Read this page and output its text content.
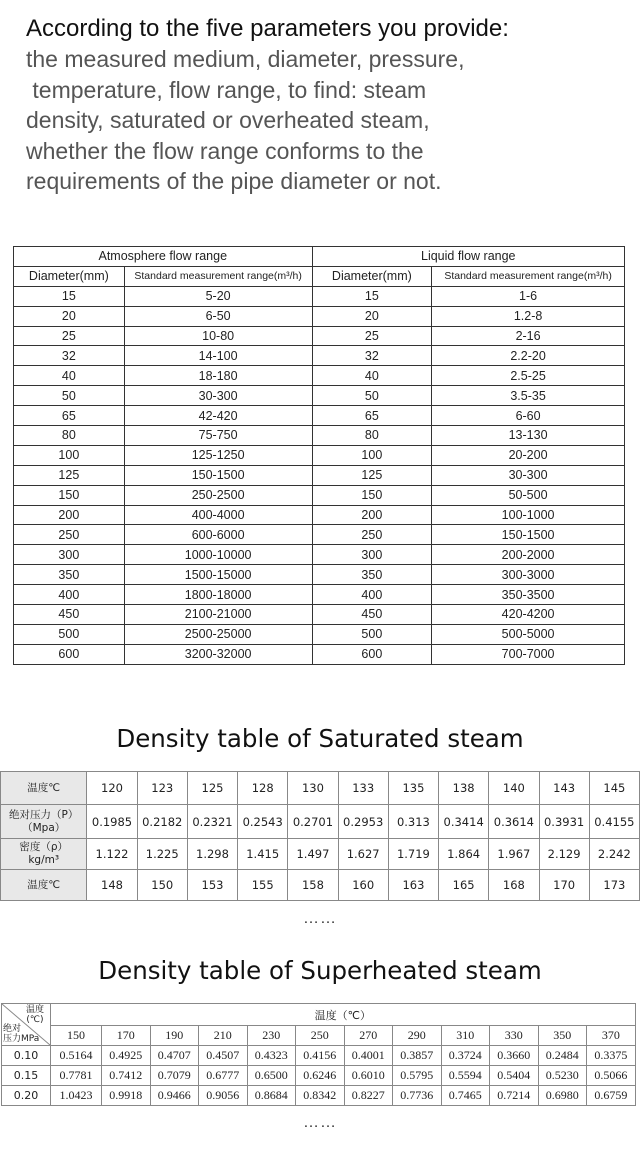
According to the five parameters you provide:
the measured medium, diameter, pressure,
temperature, flow range, to find: steam
density, saturated or overheated steam,
whether the flow range conforms to the
requirements of the pipe diameter or not.
Atmosphere flow range		Liquid flow range	
Diameter(mm)	Standard measurement range(m³/h)	Diameter(mm)	Standard measurement range(m³/h)
15	5-20	15	1-6
20	6-50	20	1.2-8
25	10-80	25	2-16
32	14-100	32	2.2-20
40	18-180	40	2.5-25
50	30-300	50	3.5-35
65	42-420	65	6-60
80	75-750	80	13-130
100	125-1250	100	20-200
125	150-1500	125	30-300
150	250-2500	150	50-500
200	400-4000	200	100-1000
250	600-6000	250	150-1500
300	1000-10000	300	200-2000
350	1500-15000	350	300-3000
400	1800-18000	400	350-3500
450	2100-21000	450	420-4200
500	2500-25000	500	500-5000
600	3200-32000	600	700-7000
Density table of Saturated steam
温度℃	120	123	125	128	130	133	135	138	140	143	145
绝对压力（P）
（Mpa）	0.1985	0.2182	0.2321	0.2543	0.2701	0.2953	0.313	0.3414	0.3614	0.3931	0.4155
密度（ρ）
kg/m³	1.122	1.225	1.298	1.415	1.497	1.627	1.719	1.864	1.967	2.129	2.242
温度℃	148	150	153	155	158	160	163	165	168	170	173
……
Density table of Superheated steam
温度
(℃)
绝对
压力MPa	温度（℃）											
	150	170	190	210	230	250	270	290	310	330	350	370
0.10	0.5164	0.4925	0.4707	0.4507	0.4323	0.4156	0.4001	0.3857	0.3724	0.3660	0.2484	0.3375
0.15	0.7781	0.7412	0.7079	0.6777	0.6500	0.6246	0.6010	0.5795	0.5594	0.5404	0.5230	0.5066
0.20	1.0423	0.9918	0.9466	0.9056	0.8684	0.8342	0.8227	0.7736	0.7465	0.7214	0.6980	0.6759
……
